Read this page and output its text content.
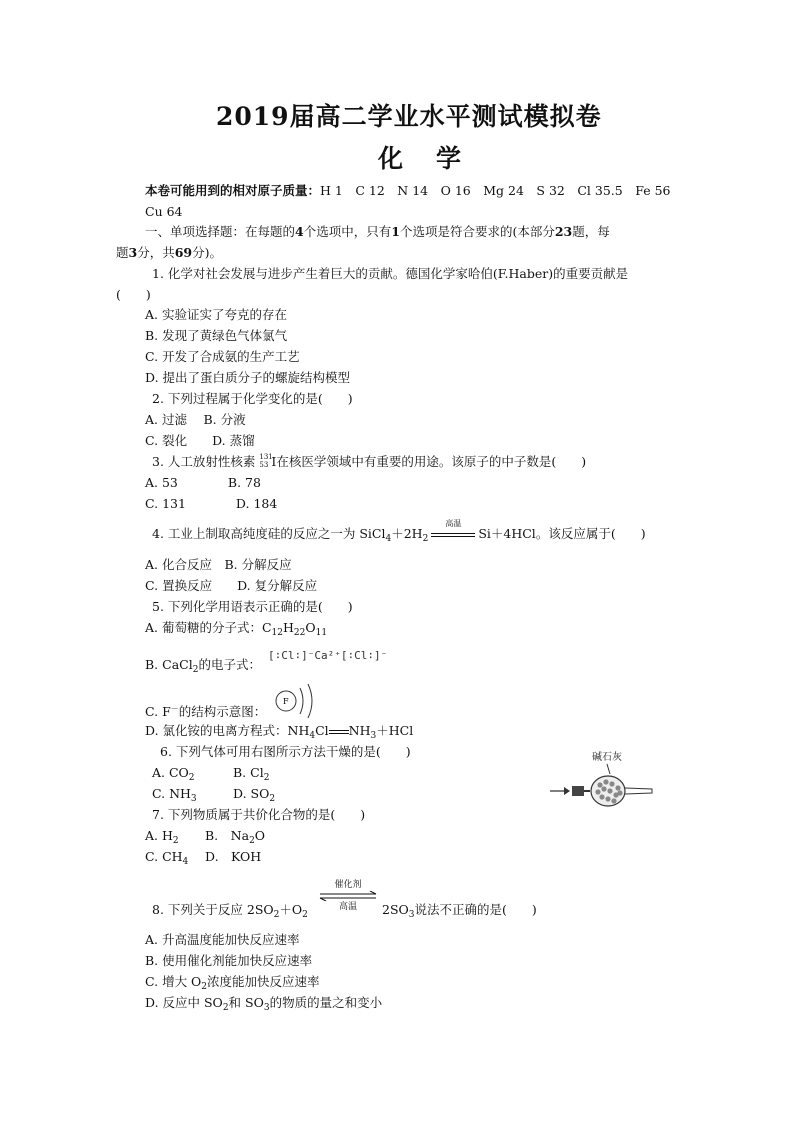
2019届高二学业水平测试模拟卷
化　学
本卷可能用到的相对原子质量：H 1　C 12　N 14　O 16　Mg 24　S 32　Cl 35.5　Fe 56
Cu 64
一、单项选择题：在每题的4个选项中，只有1个选项是符合要求的(本部分23题，每
题3分，共69分)。
1. 化学对社会发展与进步产生着巨大的贡献。德国化学家哈伯(F.Haber)的重要贡献是
(　　)
A. 实验证实了夸克的存在
B. 发现了黄绿色气体氯气
C. 开发了合成氨的生产工艺
D. 提出了蛋白质分子的螺旋结构模型
2. 下列过程属于化学变化的是(　　)
A. 过滤　 B. 分液
C. 裂化　　D. 蒸馏
3. 人工放射性核素 131
53 I在核医学领域中有重要的用途。该原子的中子数是(　　)
A. 53　　　　B. 78
C. 131　　　　D. 184
4. 工业上制取高纯度硅的反应之一为 $SiCl_4+2H_2$
高温
Si＋4HCl。该反应属于(　　)
A. 化合反应　B. 分解反应
C. 置换反应　　D. 复分解反应
5. 下列化学用语表示正确的是(　　)
A. 葡萄糖的分子式：$C_{12}H_{22}O_{11}$
B. CaCl$_2$的电子式：
[∶Cl∶]⁻Ca²⁺[∶Cl∶]⁻
C. F－的结构示意图：
F
D. 氯化铵的电离方程式：$NH_4Cl$ $NH_3+HCl$
6. 下列气体可用右图所示方法干燥的是(　　)
A. $CO_2$	B. $Cl_2$
C. $NH_3$	D. $SO_2$
碱石灰
7. 下列物质属于共价化合物的是(　　)
A. $H_2$ B.　$Na_2O$
C. $CH_4$ D.　KOH
8. 下列关于反应 $2SO_2+O_2$
催化剂
高温	$2SO_3$说法不正确的是(　　)
A. 升高温度能加快反应速率
B. 使用催化剂能加快反应速率
C. 增大 $O_2$浓度能加快反应速率
D. 反应中 $SO_2$和 $SO_3$的物质的量之和变小
